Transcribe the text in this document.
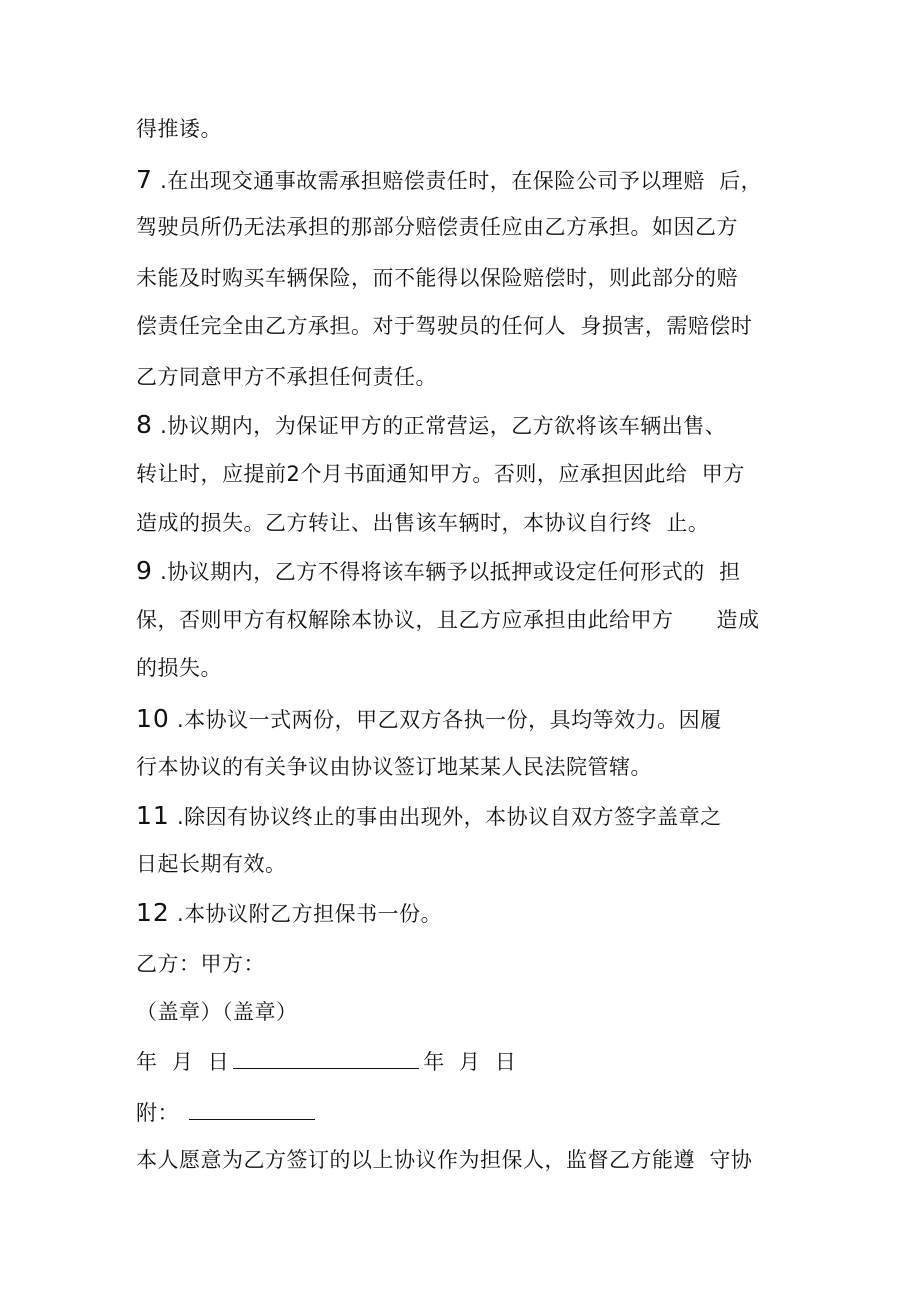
得推诿。
7 .在出现交通事故需承担赔偿责任时，在保险公司予以理赔  后，
驾驶员所仍无法承担的那部分赔偿责任应由乙方承担。如因乙方
未能及时购买车辆保险，而不能得以保险赔偿时，则此部分的赔
偿责任完全由乙方承担。对于驾驶员的任何人  身损害，需赔偿时
乙方同意甲方不承担任何责任。
8 .协议期内，为保证甲方的正常营运，乙方欲将该车辆出售、
转让时，应提前2个月书面通知甲方。否则，应承担因此给  甲方
造成的损失。乙方转让、出售该车辆时，本协议自行终  止。
9 .协议期内，乙方不得将该车辆予以抵押或设定任何形式的  担
保，否则甲方有权解除本协议，且乙方应承担由此给甲方      造成
的损失。
10 .本协议一式两份，甲乙双方各执一份，具均等效力。因履
行本协议的有关争议由协议签订地某某人民法院管辖。
11 .除因有协议终止的事由出现外，本协议自双方签字盖章之
日起长期有效。
12 .本协议附乙方担保书一份。
乙方：甲方：
（盖章）（盖章）
年  月  日	年  月  日
附：
本人愿意为乙方签订的以上协议作为担保人，监督乙方能遵  守协
